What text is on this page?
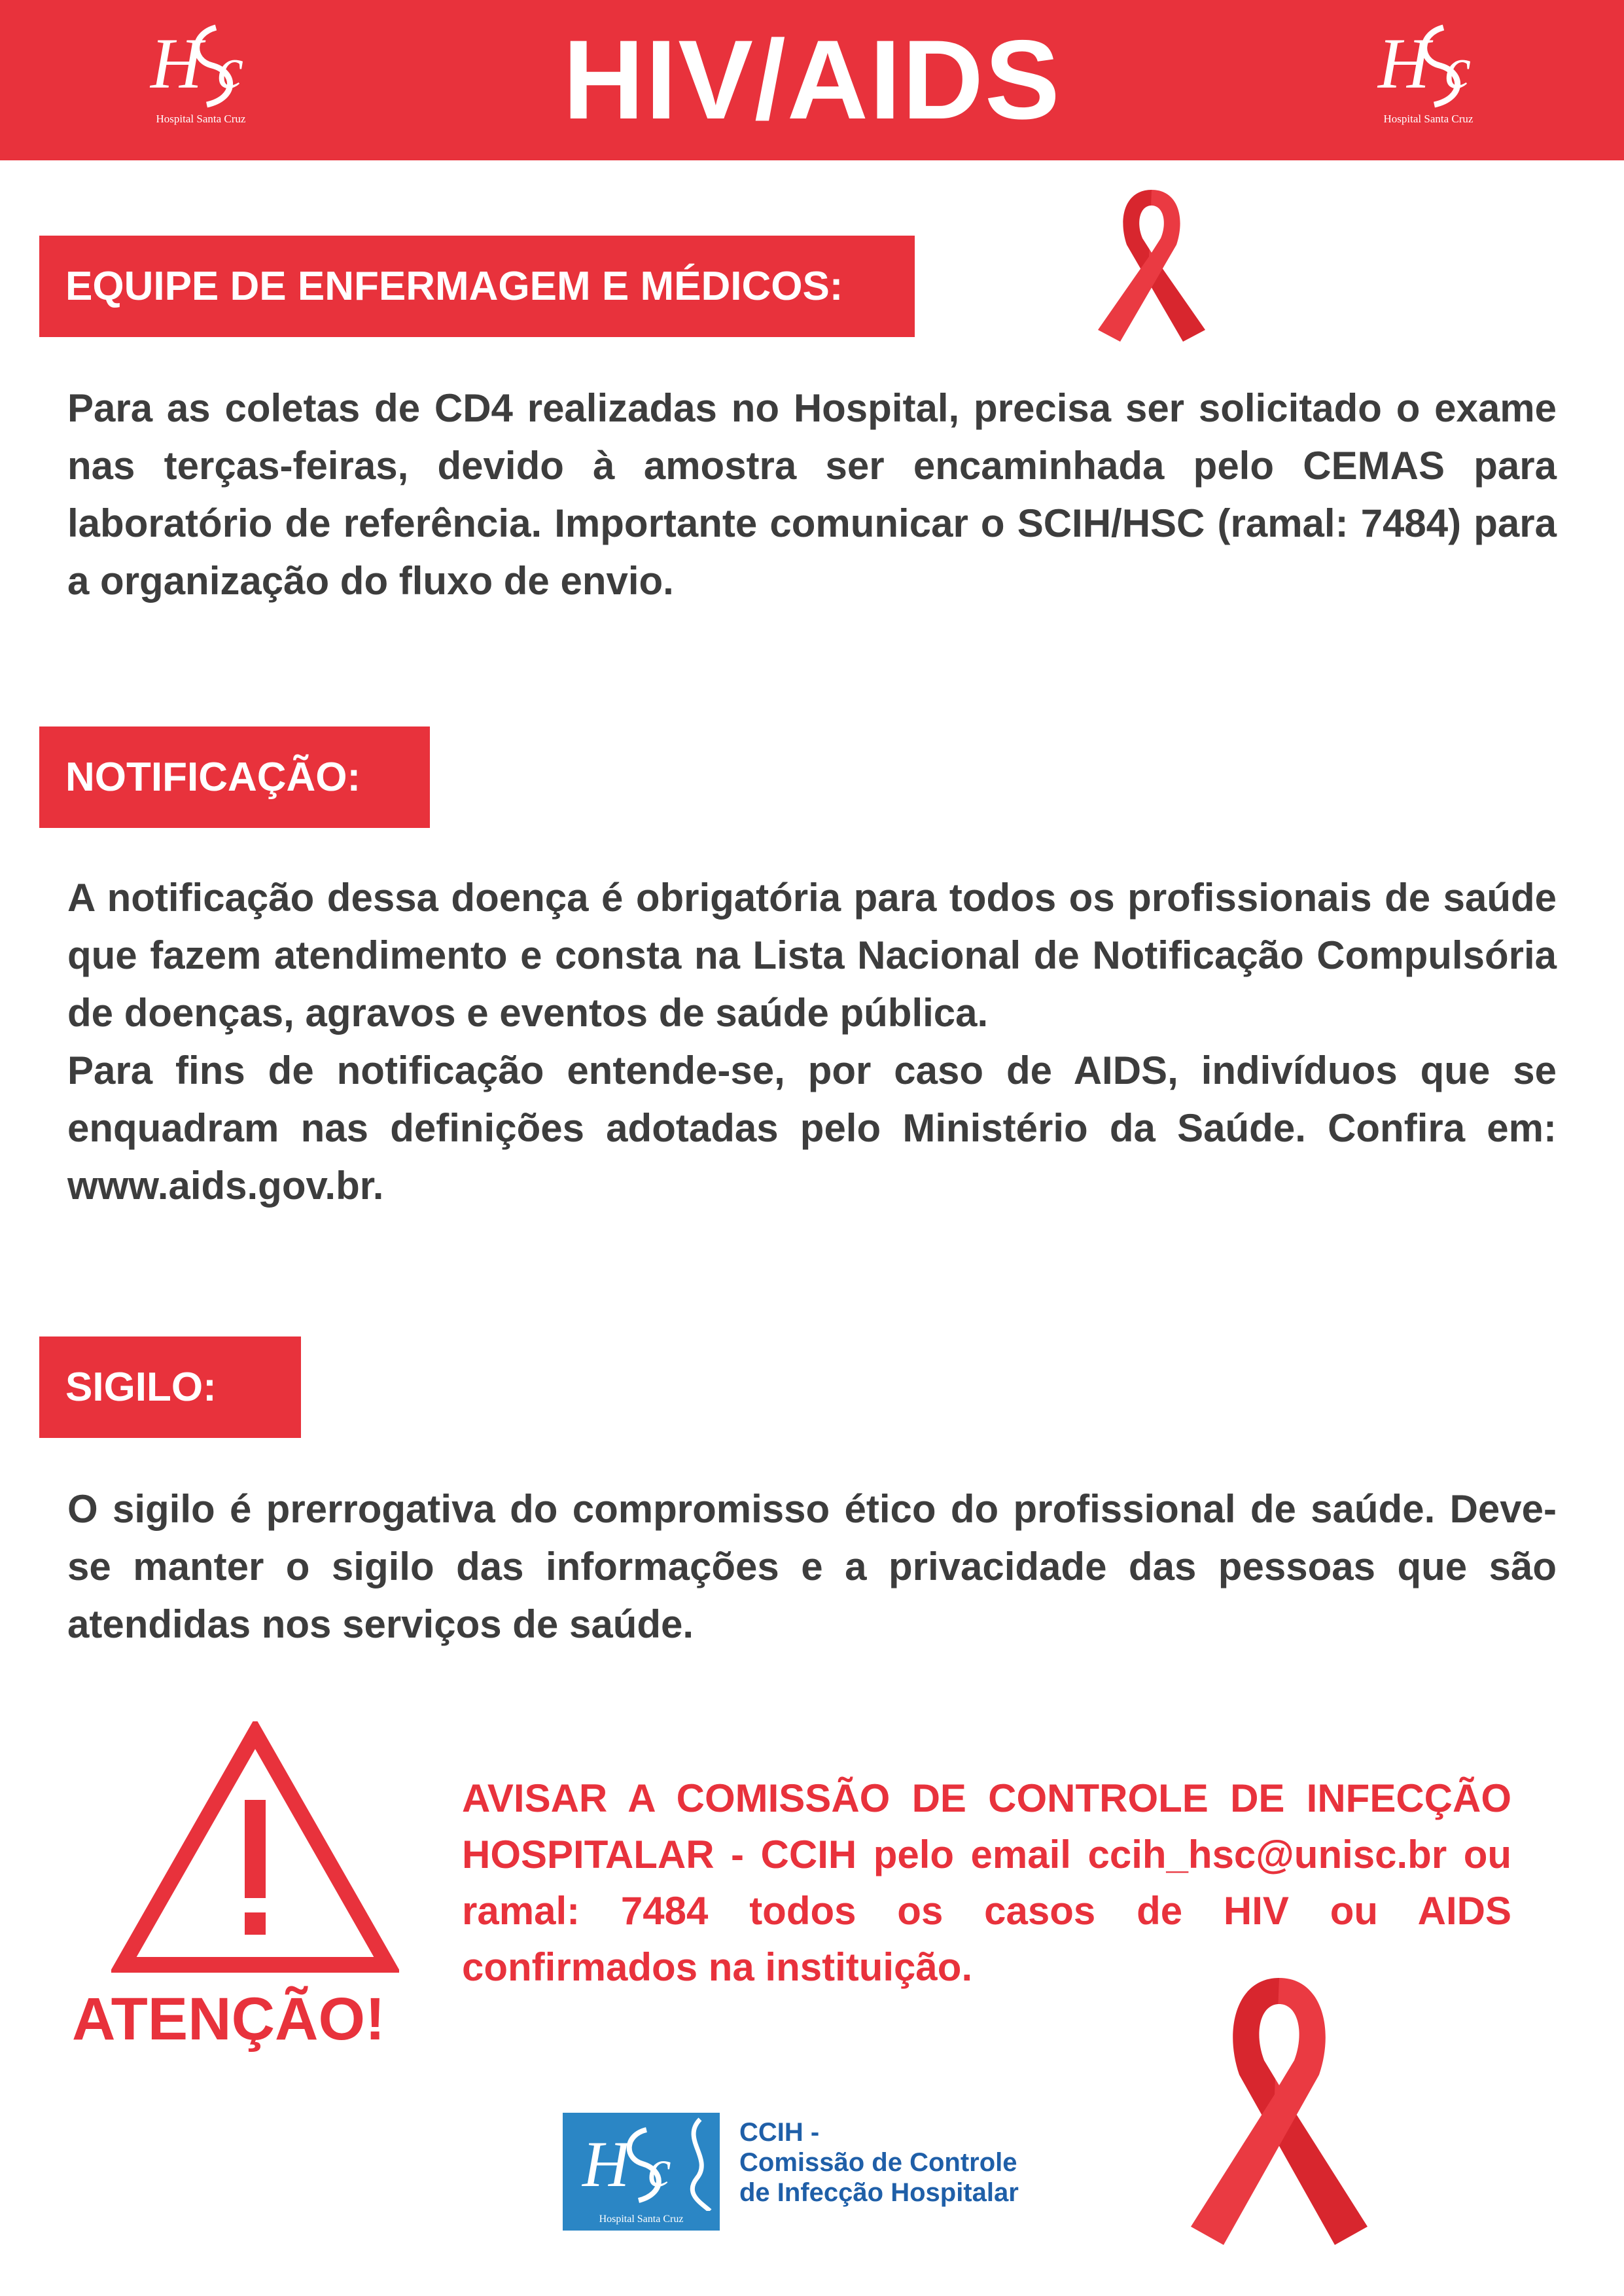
H c
Hospital Santa Cruz	HIV/AIDS	H c
Hospital Santa Cruz
EQUIPE DE ENFERMAGEM E MÉDICOS:
Para as coletas de CD4 realizadas no Hospital, precisa ser solicitado o exame nas terças-feiras, devido à amostra ser encaminhada pelo CEMAS para laboratório de referência. Importante comunicar o SCIH/HSC (ramal: 7484) para a organização do fluxo de envio.
NOTIFICAÇÃO:
A notificação dessa doença é obrigatória para todos os profissionais de saúde que fazem atendimento e consta na Lista Nacional de Notificação Compulsória de doenças, agravos e eventos de saúde pública.
Para fins de notificação entende-se, por caso de AIDS, indivíduos que se enquadram nas definições adotadas pelo Ministério da Saúde. Confira em: www.aids.gov.br.
SIGILO:
O sigilo é prerrogativa do compromisso ético do profissional de saúde. Deve-se manter o sigilo das informações e a privacidade das pessoas que são atendidas nos serviços de saúde.
ATENÇÃO!
AVISAR A COMISSÃO DE CONTROLE DE INFECÇÃO HOSPITALAR - CCIH pelo email ccih_hsc@unisc.br ou ramal: 7484 todos os casos de HIV ou AIDS confirmados na instituição.
H c
Hospital Santa Cruz
CCIH -
Comissão de Controle
de Infecção Hospitalar
